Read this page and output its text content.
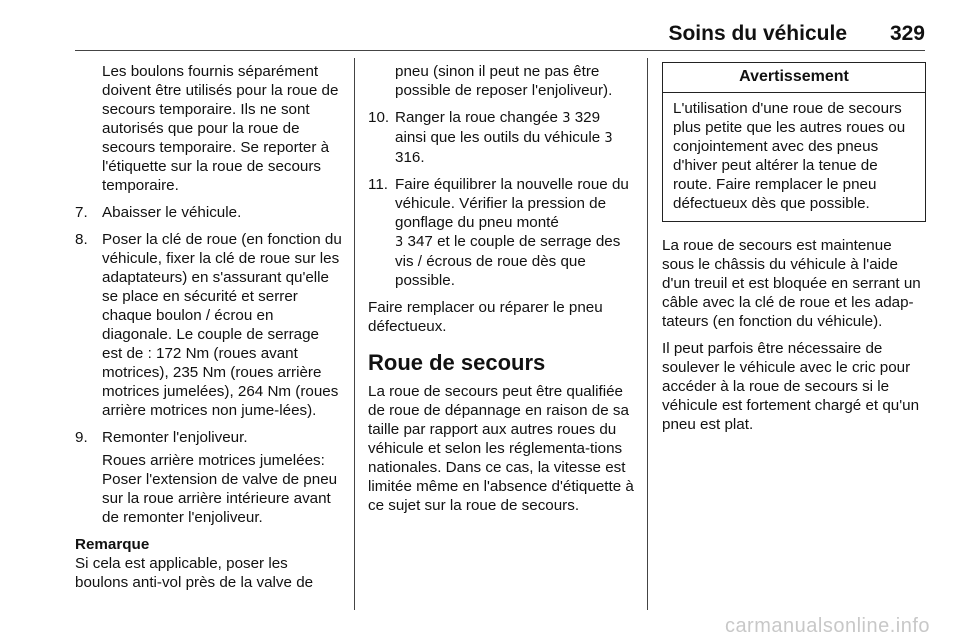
Soins du véhicule 329

Les boulons fournis séparément doivent être utilisés pour la roue de secours temporaire. Ils ne sont autorisés que pour la roue de secours temporaire. Se reporter à l'étiquette sur la roue de secours temporaire.

7. Abaisser le véhicule.
8. Poser la clé de roue (en fonction du véhicule, fixer la clé de roue sur les adaptateurs) en s'assurant qu'elle se place en sécurité et serrer chaque boulon / écrou en diagonale. Le couple de serrage est de : 172 Nm (roues avant motrices), 235 Nm (roues arrière motrices jumelées), 264 Nm (roues arrière motrices non jume-lées).
9. Remonter l'enjoliveur.

Roues arrière motrices jumelées: Poser l'extension de valve de pneu sur la roue arrière intérieure avant de remonter l'enjoliveur.

Remarque

Si cela est applicable, poser les boulons anti-vol près de la valve de

pneu (sinon il peut ne pas être possible de reposer l'enjoliveur).

10. Ranger la roue changée 3 329 ainsi que les outils du véhicule 3 316.
11. Faire équilibrer la nouvelle roue du véhicule. Vérifier la pression de gonflage du pneu monté
3 347 et le couple de serrage des vis / écrous de roue dès que possible.

Faire remplacer ou réparer le pneu défectueux.

Roue de secours

La roue de secours peut être qualifiée de roue de dépannage en raison de sa taille par rapport aux autres roues du véhicule et selon les réglementa-tions nationales. Dans ce cas, la vitesse est limitée même en l'absence d'étiquette à ce sujet sur la roue de secours.

Avertissement
L'utilisation d'une roue de secours plus petite que les autres roues ou conjointement avec des pneus d'hiver peut altérer la tenue de route. Faire remplacer le pneu défectueux dès que possible.

La roue de secours est maintenue sous le châssis du véhicule à l'aide d'un treuil et est bloquée en serrant un câble avec la clé de roue et les adap-tateurs (en fonction du véhicule).

Il peut parfois être nécessaire de soulever le véhicule avec le cric pour accéder à la roue de secours si le véhicule est fortement chargé et qu'un pneu est plat.

carmanualsonline.info
